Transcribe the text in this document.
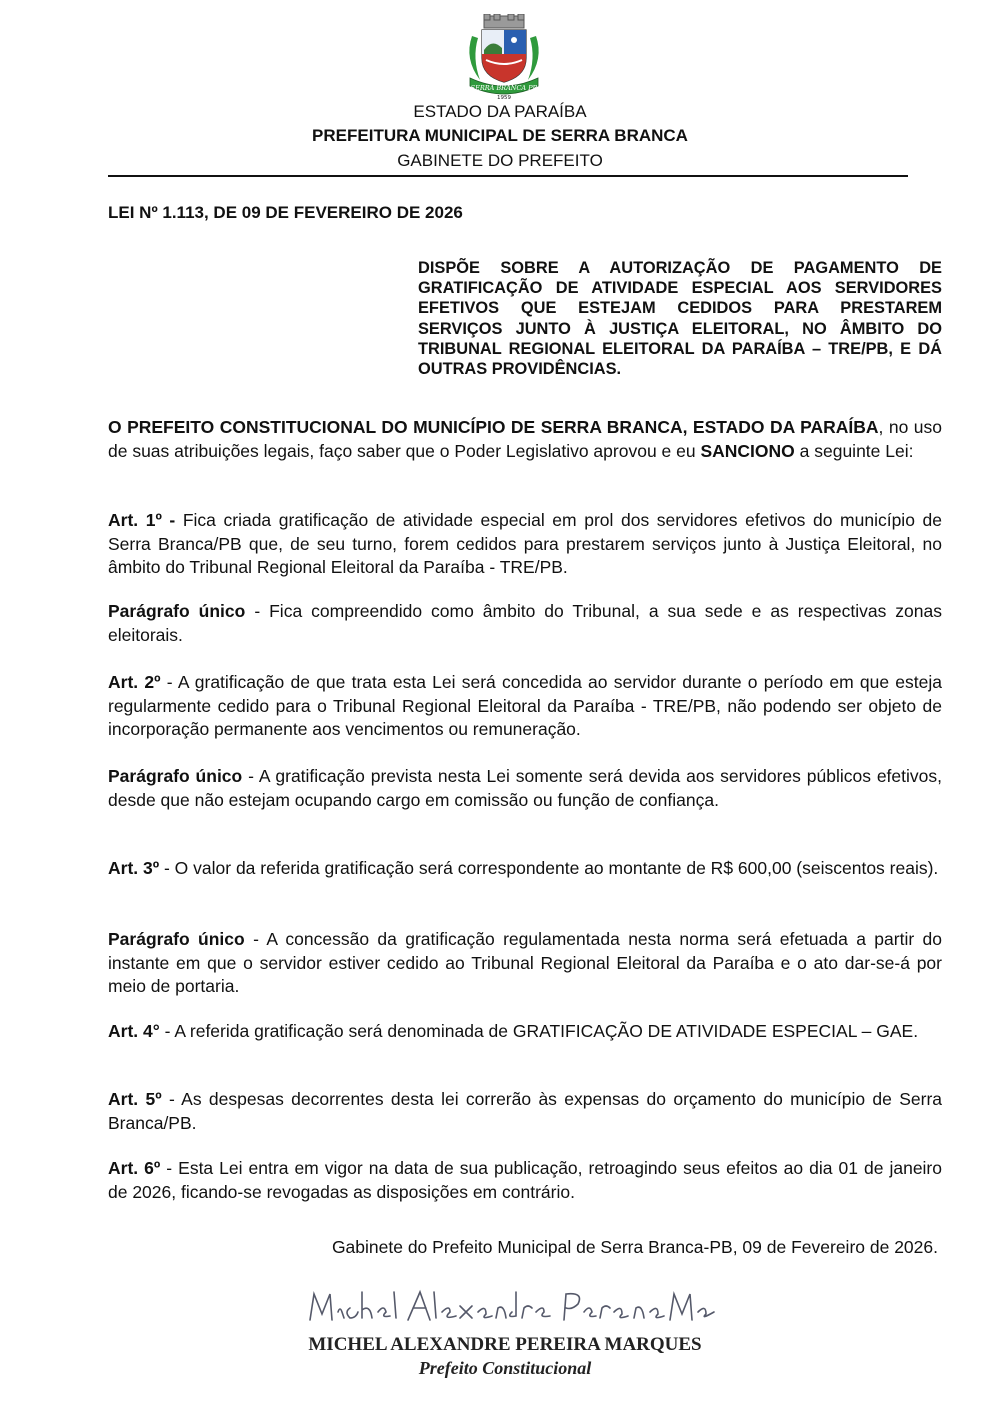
SERRA BRANCA PB
1959
ESTADO DA PARAÍBA
PREFEITURA MUNICIPAL DE SERRA BRANCA
GABINETE DO PREFEITO
LEI Nº 1.113, DE 09 DE FEVEREIRO DE 2026
DISPÕE SOBRE A AUTORIZAÇÃO DE PAGAMENTO DE GRATIFICAÇÃO DE ATIVIDADE ESPECIAL AOS SERVIDORES EFETIVOS QUE ESTEJAM CEDIDOS PARA PRESTAREM SERVIÇOS JUNTO À JUSTIÇA ELEITORAL, NO ÂMBITO DO TRIBUNAL REGIONAL ELEITORAL DA PARAÍBA – TRE/PB, E DÁ OUTRAS PROVIDÊNCIAS.
O PREFEITO CONSTITUCIONAL DO MUNICÍPIO DE SERRA BRANCA, ESTADO DA PARAÍBA, no uso de suas atribuições legais, faço saber que o Poder Legislativo aprovou e eu SANCIONO a seguinte Lei:
Art. 1º - Fica criada gratificação de atividade especial em prol dos servidores efetivos do município de Serra Branca/PB que, de seu turno, forem cedidos para prestarem serviços junto à Justiça Eleitoral, no âmbito do Tribunal Regional Eleitoral da Paraíba - TRE/PB.
Parágrafo único - Fica compreendido como âmbito do Tribunal, a sua sede e as respectivas zonas eleitorais.
Art. 2º - A gratificação de que trata esta Lei será concedida ao servidor durante o período em que esteja regularmente cedido para o Tribunal Regional Eleitoral da Paraíba - TRE/PB, não podendo ser objeto de incorporação permanente aos vencimentos ou remuneração.
Parágrafo único - A gratificação prevista nesta Lei somente será devida aos servidores públicos efetivos, desde que não estejam ocupando cargo em comissão ou função de confiança.
Art. 3º - O valor da referida gratificação será correspondente ao montante de R$ 600,00 (seiscentos reais).
Parágrafo único - A concessão da gratificação regulamentada nesta norma será efetuada a partir do instante em que o servidor estiver cedido ao Tribunal Regional Eleitoral da Paraíba e o ato dar-se-á por meio de portaria.
Art. 4° - A referida gratificação será denominada de GRATIFICAÇÃO DE ATIVIDADE ESPECIAL – GAE.
Art. 5º - As despesas decorrentes desta lei correrão às expensas do orçamento do município de Serra Branca/PB.
Art. 6º - Esta Lei entra em vigor na data de sua publicação, retroagindo seus efeitos ao dia 01 de janeiro de 2026, ficando-se revogadas as disposições em contrário.
Gabinete do Prefeito Municipal de Serra Branca-PB, 09 de Fevereiro de 2026.
MICHEL ALEXANDRE PEREIRA MARQUES
Prefeito Constitucional
